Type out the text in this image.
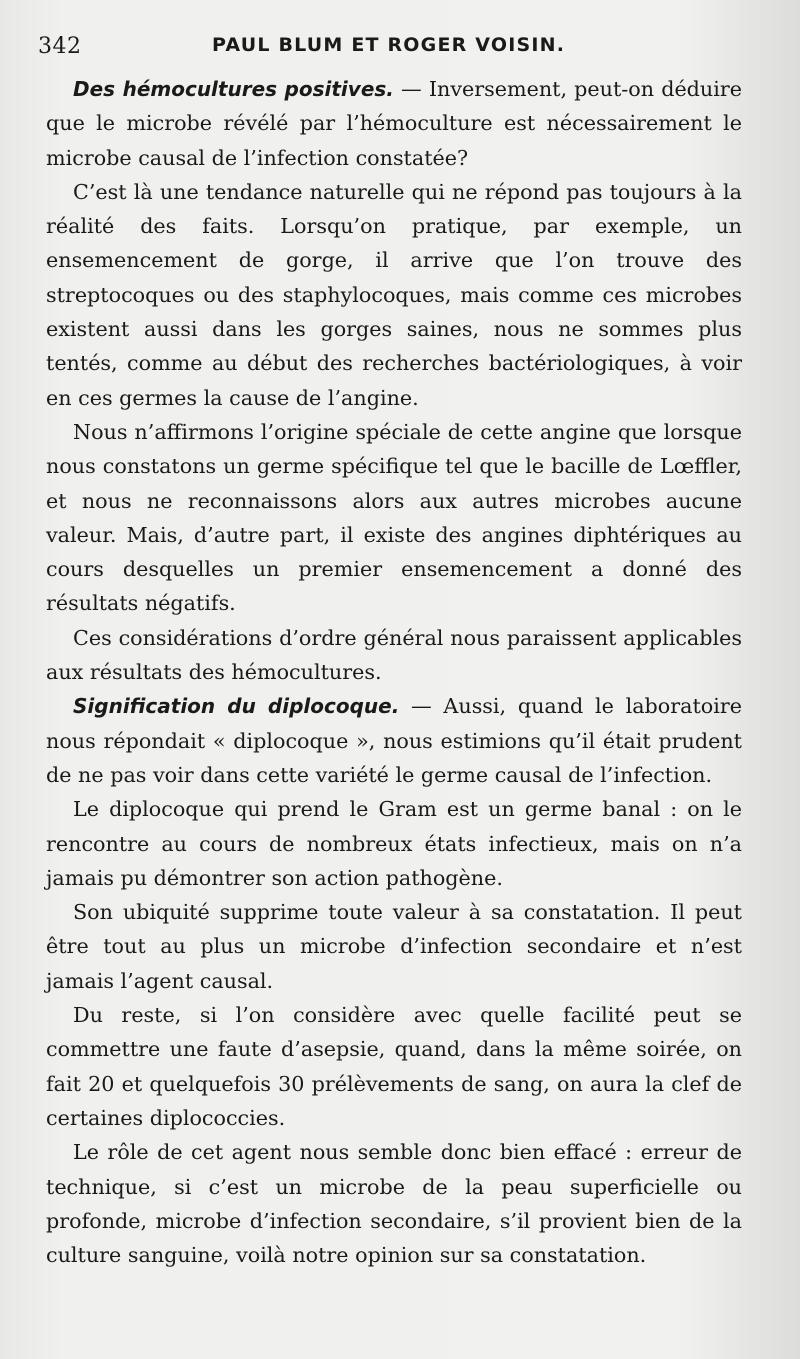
342	PAUL BLUM ET ROGER VOISIN.

Des hémocultures positives. — Inversement, peut-on déduire que le microbe révélé par l’hémoculture est nécessairement le microbe causal de l’infection constatée?

C’est là une tendance naturelle qui ne répond pas toujours à la réalité des faits. Lorsqu’on pratique, par exemple, un ensemencement de gorge, il arrive que l’on trouve des streptocoques ou des staphylocoques, mais comme ces microbes existent aussi dans les gorges saines, nous ne sommes plus tentés, comme au début des recherches bactériologiques, à voir en ces germes la cause de l’angine.

Nous n’affirmons l’origine spéciale de cette angine que lorsque nous constatons un germe spécifique tel que le bacille de Lœffler, et nous ne reconnaissons alors aux autres microbes aucune valeur. Mais, d’autre part, il existe des angines diphtériques au cours desquelles un premier ensemencement a donné des résultats négatifs.

Ces considérations d’ordre général nous paraissent applicables aux résultats des hémocultures.

Signification du diplocoque. — Aussi, quand le laboratoire nous répondait « diplocoque », nous estimions qu’il était prudent de ne pas voir dans cette variété le germe causal de l’infection.

Le diplocoque qui prend le Gram est un germe banal : on le rencontre au cours de nombreux états infectieux, mais on n’a jamais pu démontrer son action pathogène.

Son ubiquité supprime toute valeur à sa constatation. Il peut être tout au plus un microbe d’infection secondaire et n’est jamais l’agent causal.

Du reste, si l’on considère avec quelle facilité peut se commettre une faute d’asepsie, quand, dans la même soirée, on fait 20 et quelquefois 30 prélèvements de sang, on aura la clef de certaines diplococcies.

Le rôle de cet agent nous semble donc bien effacé : erreur de technique, si c’est un microbe de la peau superficielle ou profonde, microbe d’infection secondaire, s’il provient bien de la culture sanguine, voilà notre opinion sur sa constatation.
